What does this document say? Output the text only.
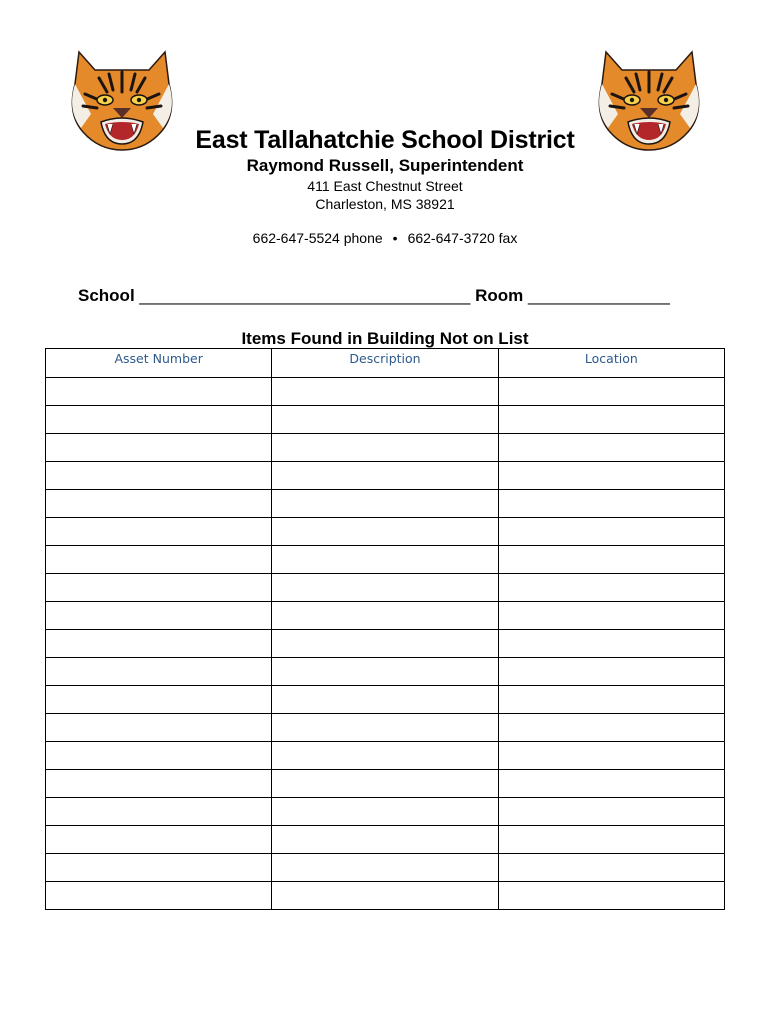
East Tallahatchie School District
Raymond Russell, Superintendent
411 East Chestnut Street
Charleston, MS 38921
662-647-5524 phone • 662-647-3720 fax
School ___________________________________ Room _______________
Items Found in Building Not on List
Asset Number	Description	Location
